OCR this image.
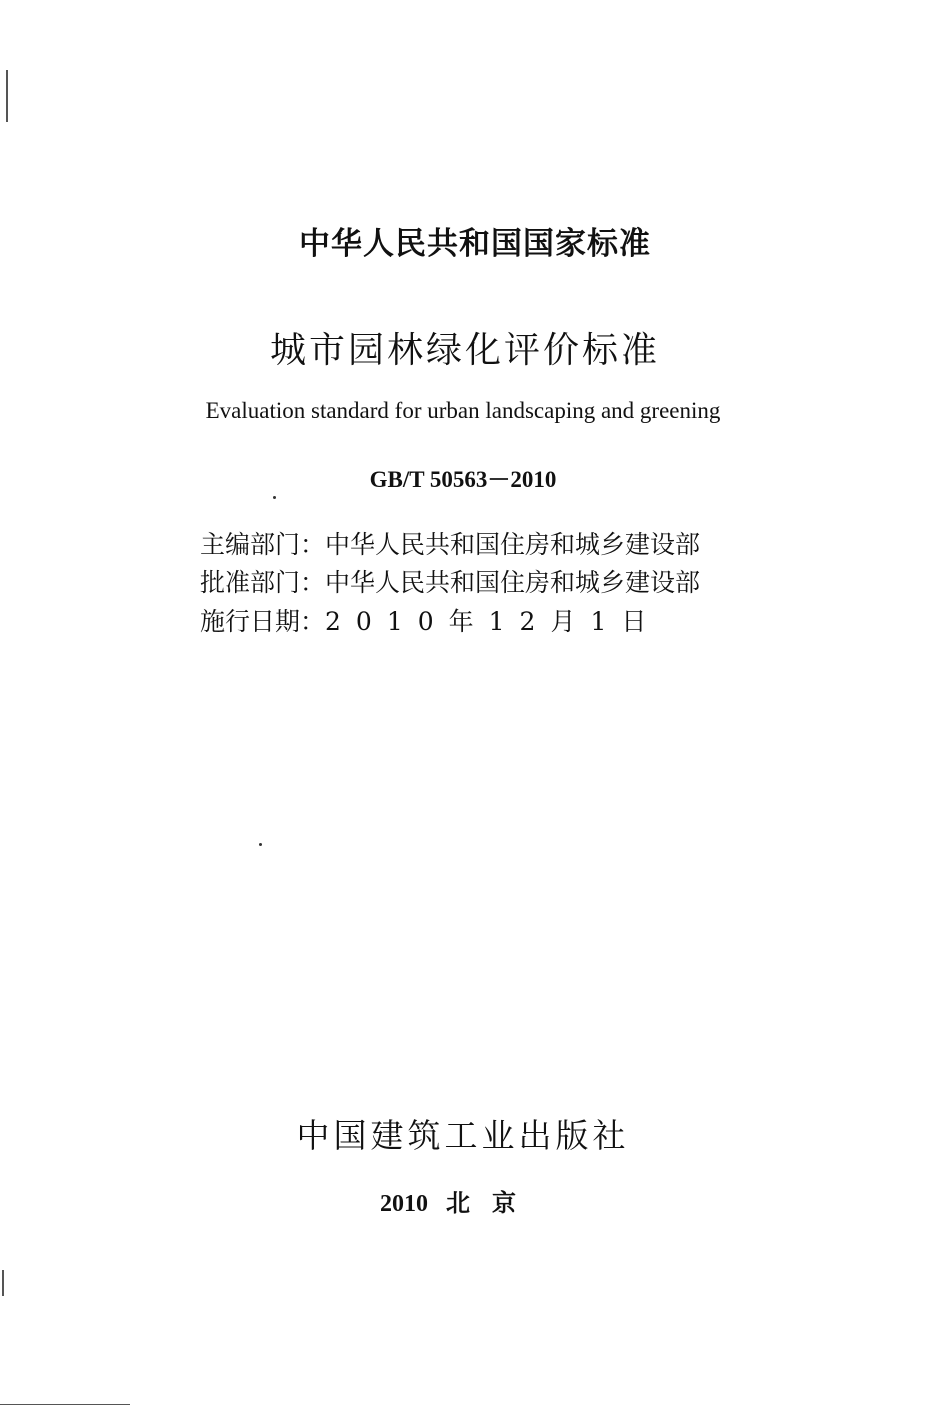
中华人民共和国国家标准
城市园林绿化评价标准
Evaluation standard for urban landscaping and greening
GB/T 50563－2010
主编部门：中华人民共和国住房和城乡建设部
批准部门：中华人民共和国住房和城乡建设部
施行日期：2010年12月1日
中国建筑工业出版社
2010 北京
